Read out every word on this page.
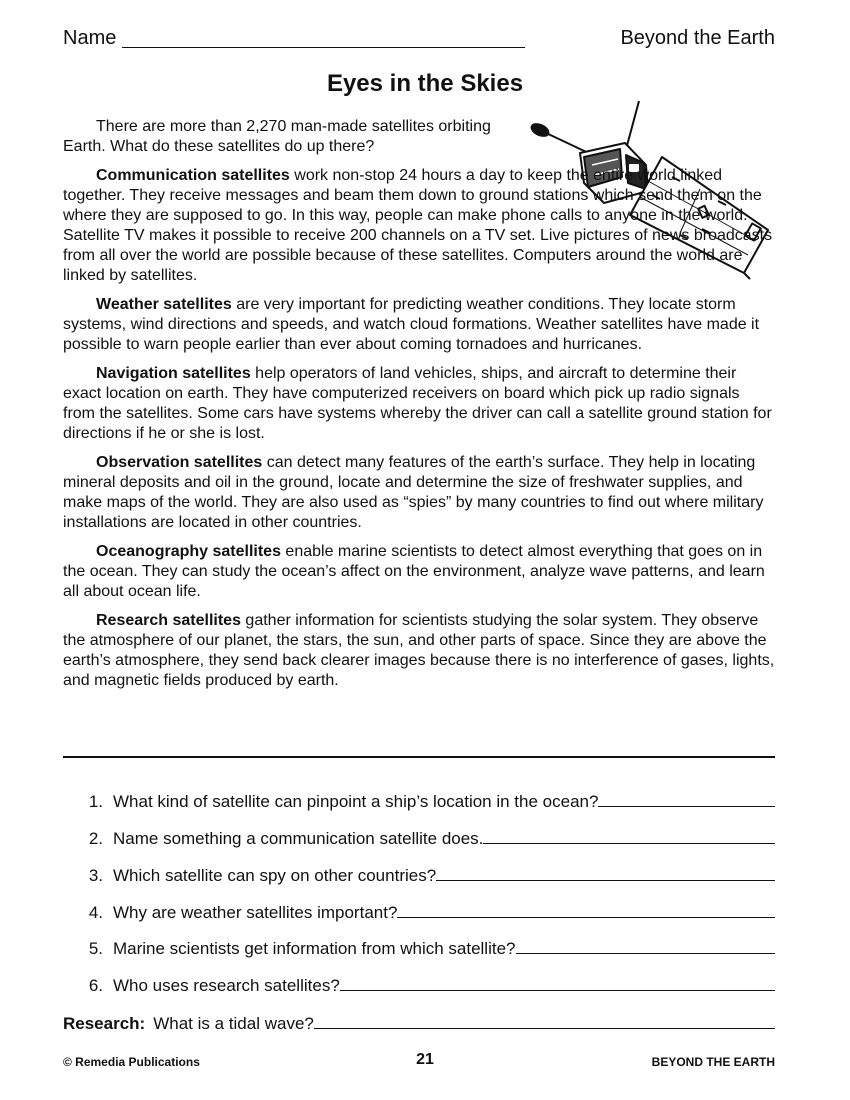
Name	Beyond the Earth
Eyes in the Skies

There are more than 2,270 man-made satellites orbiting Earth. What do these satellites do up there?

Communication satellites work non-stop 24 hours a day to keep the entire world linked together. They receive messages and beam them down to ground stations which send them on the where they are supposed to go. In this way, people can make phone calls to anyone in the world. Satellite TV makes it possible to receive 200 channels on a TV set. Live pictures of news broadcasts from all over the world are possible because of these satellites. Computers around the world are linked by satellites.

Weather satellites are very important for predicting weather conditions. They locate storm systems, wind directions and speeds, and watch cloud formations. Weather satellites have made it possible to warn people earlier than ever about coming tornadoes and hurricanes.

Navigation satellites help operators of land vehicles, ships, and aircraft to determine their exact location on earth. They have computerized receivers on board which pick up radio signals from the satellites. Some cars have systems whereby the driver can call a satellite ground station for directions if he or she is lost.

Observation satellites can detect many features of the earth’s surface. They help in locating mineral deposits and oil in the ground, locate and determine the size of freshwater supplies, and make maps of the world. They are also used as “spies” by many countries to find out where military installations are located in other countries.

Oceanography satellites enable marine scientists to detect almost everything that goes on in the ocean. They can study the ocean’s affect on the environment, analyze wave patterns, and learn all about ocean life.

Research satellites gather information for scientists studying the solar system. They observe the atmosphere of our planet, the stars, the sun, and other parts of space. Since they are above the earth’s atmosphere, they send back clearer images because there is no interference of gases, lights, and magnetic fields produced by earth.

1. What kind of satellite can pinpoint a ship’s location in the ocean?
2. Name something a communication satellite does.
3. Which satellite can spy on other countries?
4. Why are weather satellites important?
5. Marine scientists get information from which satellite?
6. Who uses research satellites?
Research: What is a tidal wave?
© Remedia Publications	21	BEYOND THE EARTH
